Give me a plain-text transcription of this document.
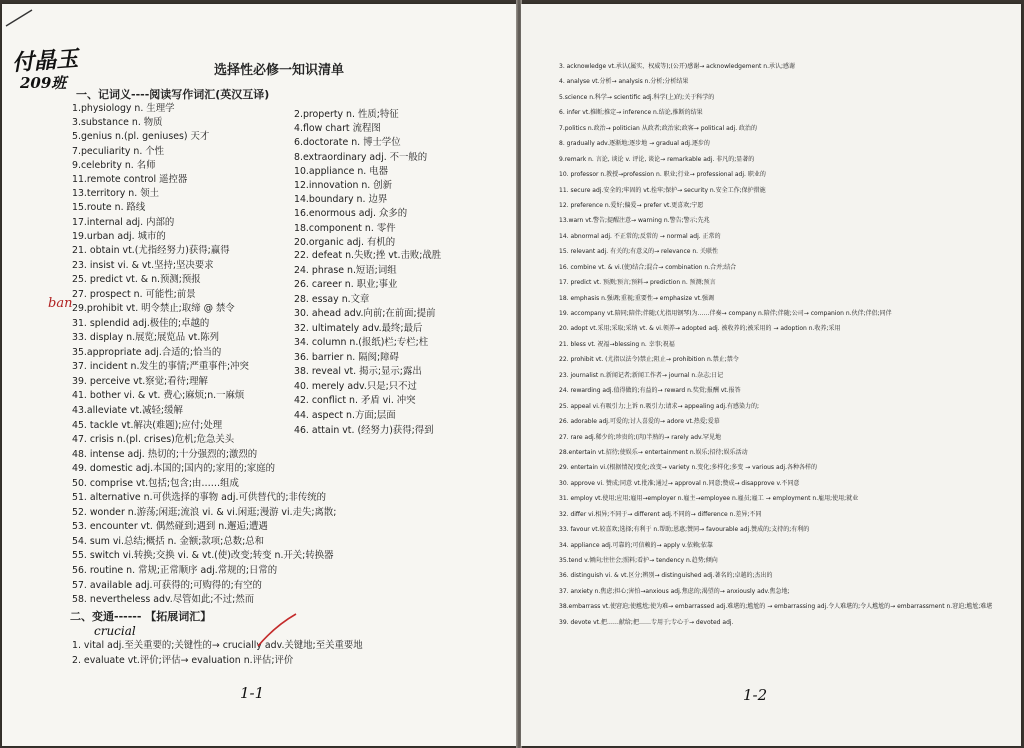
付晶玉
209班
选择性必修一知识清单
一、记词义----阅读写作词汇(英汉互译)
1.physiology n. 生理学
3.substance n. 物质
5.genius n.(pl. geniuses) 天才
7.peculiarity n. 个性
9.celebrity n. 名师
11.remote control 遥控器
13.territory n. 领土
15.route n. 路线
17.internal adj. 内部的
19.urban adj. 城市的
2.property n. 性质;特征
4.flow chart 流程图
6.doctorate n. 博士学位
8.extraordinary adj. 不一般的
10.appliance n. 电器
12.innovation n. 创新
14.boundary n. 边界
16.enormous adj. 众多的
18.component n. 零件
20.organic adj. 有机的
21. obtain vt.(尤指经努力)获得;赢得
23. insist vi. & vt.坚持;坚决要求
25. predict vt. & n.预测;预报
27. prospect n. 可能性;前景
29.prohibit vt. 明令禁止;取缔 @ 禁令
31. splendid adj.极佳的;卓越的
33. display n.展览;展览品 vt.陈列
35.appropriate adj.合适的;恰当的
37. incident n.发生的事情;严重事件;冲突
39. perceive vt.察觉;看待;理解
41. bother vi. & vt. 费心;麻烦;n.一麻烦
43.alleviate vt.减轻;缓解
45. tackle vt.解决(难题);应付;处理
47. crisis n.(pl. crises)危机;危急关头
48. intense adj. 热切的;十分强烈的;激烈的
49. domestic adj.本国的;国内的;家用的;家庭的
50. comprise vt.包括;包含;由……组成
51. alternative n.可供选择的事物 adj.可供替代的;非传统的
52. wonder n.游荡;闲逛;流浪 vi. & vi.闲逛;漫游 vi.走失;离散;
53. encounter vt. 偶然碰到;遇到 n.邂逅;遭遇
54. sum vi.总结;概括 n. 金额;款项;总数;总和
55. switch vi.转换;交换 vi. & vt.(使)改变;转变 n.开关;转换器
56. routine n. 常规;正常顺序 adj.常规的;日常的
57. available adj.可获得的;可购得的;有空的
58. nevertheless adv.尽管如此;不过;然而
22. defeat n.失败;挫 vt.击败;战胜
24. phrase n.短语;词组
26. career n. 职业;事业
28. essay n.文章
30. ahead adv.向前;在前面;提前
32. ultimately adv.最终;最后
34. column n.(报纸)栏;专栏;柱
36. barrier n. 隔阂;障碍
38. reveal vt. 揭示;显示;露出
40. merely adv.只是;只不过
42. conflict n. 矛盾 vi. 冲突
44. aspect n.方面;层面
46. attain vt. (经努力)获得;得到
ban
二、变通------ 【拓展词汇】
crucial
1. vital adj.至关重要的;关键性的→ crucially adv.关键地;至关重要地
2. evaluate vt.评价;评估→ evaluation n.评估;评价
1-1
3. acknowledge vt.承认(属实、权威等);(公开)感谢→ acknowledgement n.承认;感谢
4. analyse vt.分析→ analysis n.分析;分析结果
5.science n.科学→ scientific adj.科学(上)的;关于科学的
6. infer vt.推断;推定→ inference n.结论,推断的结果
7.politics n.政治→ politician 从政者;政治家;政客→ political adj. 政治的
8. gradually adv.逐渐地;逐步地 → gradual adj.逐步的
9.remark n. 言论, 谈论 v. 评论, 谈论→ remarkable adj. 非凡的;显著的
10. professor n.教授→profession n. 职业;行业→ professional adj. 职业的
11. secure adj.安全的;牢固的 vt.拴牢;保护→ security n.安全工作;保护措施
12. preference n.爱好;偏爱→ prefer vt.更喜欢;宁愿
13.warn vt.警告;提醒注意→ warning n.警告;警示;先兆
14. abnormal adj. 不正常的;反常的 → normal adj. 正常的
15. relevant adj. 有关的;有意义的→ relevance n. 关联性
16. combine vt. & vi.(使)结合;混合→ combination n.合并;结合
17. predict vt. 预测;预言;预料→ prediction n. 预测;预言
18. emphasis n.强调;重视;重要性→ emphasize vt.强调
19. accompany vt.陪同;陪伴;伴随;(尤指用钢琴)为……伴奏→ company n.陪伴;伴随;公司→ companion n.伙伴;伴侣;同伴
20. adopt vt.采用;采取;采纳 vt. & vi.领养→ adopted adj. 被收养的;被采用的 → adoption n.收养;采用
21. bless vt. 祝福→blessing n. 幸事;祝福
22. prohibit vt. (尤指以法令)禁止;阻止→ prohibition n.禁止;禁令
23. journalist n.新闻记者;新闻工作者→ journal n.杂志;日记
24. rewarding adj.值得做的;有益的→ reward n.奖赏;报酬 vt.报答
25. appeal vi.有吸引力;上诉 n.吸引力;请求→ appealing adj.有感染力的;
26. adorable adj.可爱的;讨人喜爱的→ adore vt.热爱;爱慕
27. rare adj.稀少的;珍贵的;(肉)半熟的→ rarely adv.罕见地
28.entertain vt.招待;使娱乐→ entertainment n.娱乐;招待;娱乐活动
29. entertain vi.(根据情况)变化;改变→ variety n.变化;多样化;多变 → various adj.各种各样的
30. approve vi. 赞成;同意 vt.批准;通过→ approval n.同意;赞成→ disapprove v.不同意
31. employ vt.使用;应用;雇用→employer n.雇主→employee n.雇员;雇工 → employment n.雇用;使用;就业
32. differ vi.相异;不同于→ different adj.不同的→ difference n.差异;不同
33. favour vt.较喜欢;选择;有利于 n.帮助;恩惠;赞同→ favourable adj.赞成的;支持的;有利的
34. appliance adj.可靠的;可信赖的→ apply v.依赖;依靠
35.tend v.倾向;往往会;照料;看护→ tendency n.趋势;倾向
36. distinguish vi. & vt.区分;辨别→ distinguished adj.著名的;卓越的;杰出的
37. anxiety n.焦虑;担心;害怕→anxious adj.焦虑的;渴望的→ anxiously adv.焦急地;
38.embarrass vt.使窘迫;使尴尬;使为难→ embarrassed adj.难堪的;尴尬的 → embarrassing adj.令人难堪的;令人尴尬的→ embarrassment n.窘迫;尴尬;难堪
39. devote vt.把……献给;把……专用于;专心于→ devoted adj.
1-2
